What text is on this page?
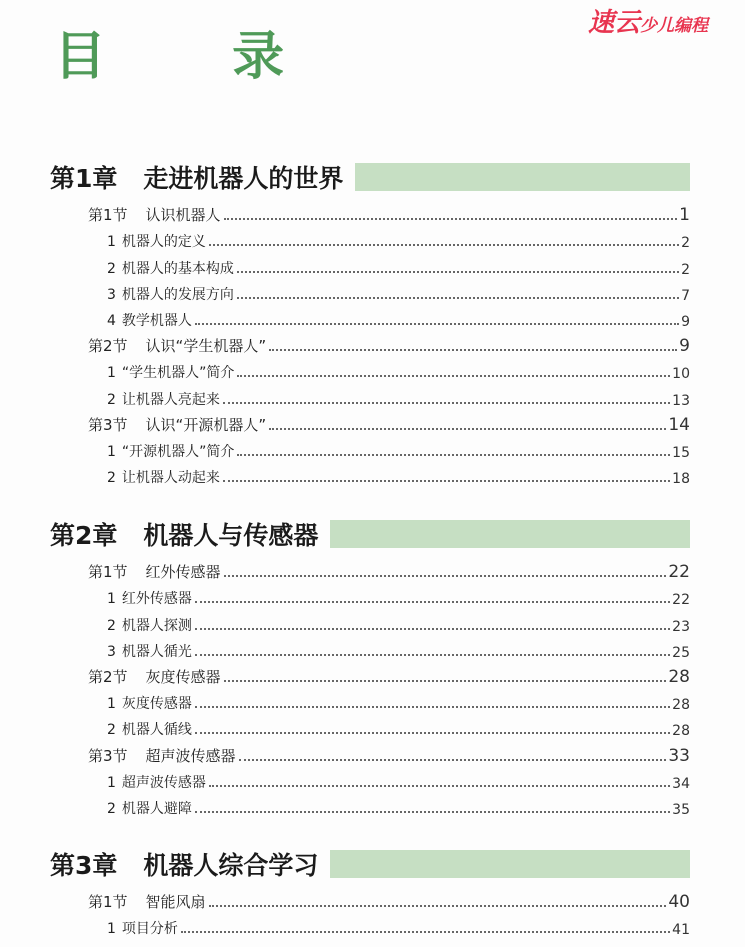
目 录
速云少儿编程
第1章 走进机器人的世界
第1节 认识机器人	1
1 机器人的定义	2
2 机器人的基本构成	2
3 机器人的发展方向	7
4 教学机器人	9
第2节 认识“学生机器人”	9
1 “学生机器人”简介	10
2 让机器人亮起来	13
第3节 认识“开源机器人”	14
1 “开源机器人”简介	15
2 让机器人动起来	18
第2章 机器人与传感器
第1节 红外传感器	22
1 红外传感器	22
2 机器人探测	23
3 机器人循光	25
第2节 灰度传感器	28
1 灰度传感器	28
2 机器人循线	28
第3节 超声波传感器	33
1 超声波传感器	34
2 机器人避障	35
第3章 机器人综合学习
第1节 智能风扇	40
1 项目分析	41
